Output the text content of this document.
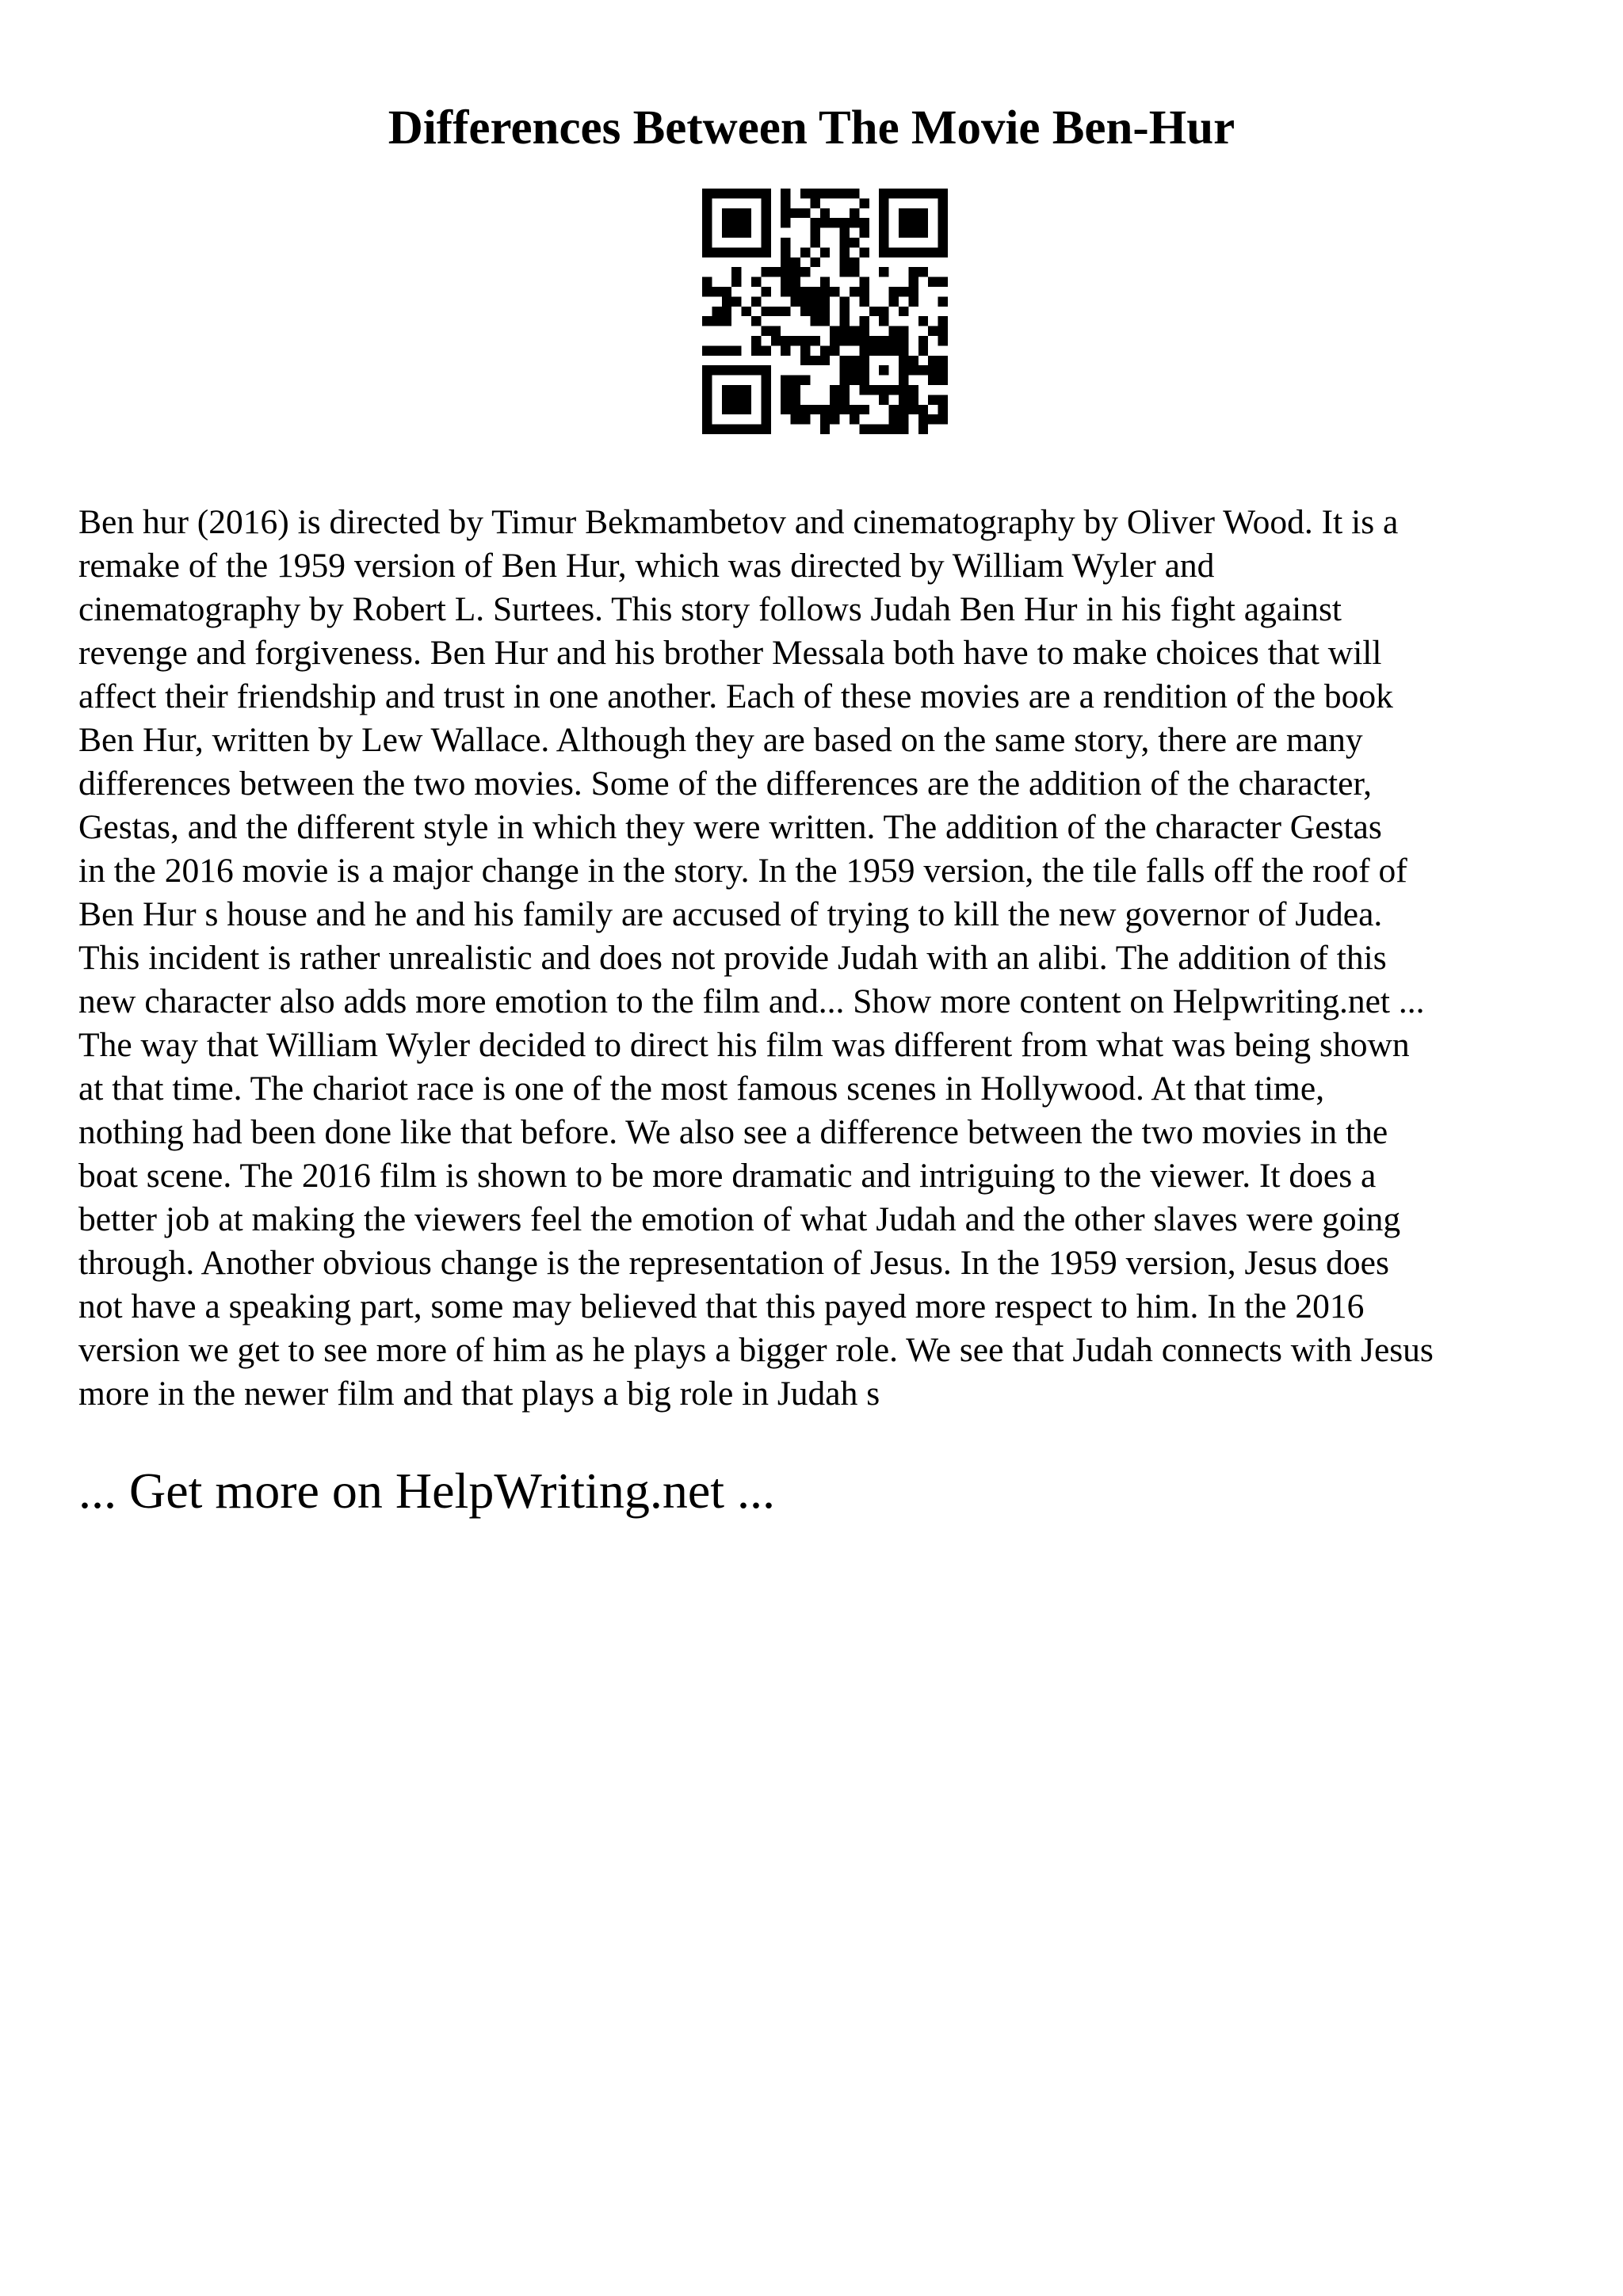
Differences Between The Movie Ben-Hur
Ben hur (2016) is directed by Timur Bekmambetov and cinematography by Oliver Wood. It is a
remake of the 1959 version of Ben Hur, which was directed by William Wyler and
cinematography by Robert L. Surtees. This story follows Judah Ben Hur in his fight against
revenge and forgiveness. Ben Hur and his brother Messala both have to make choices that will
affect their friendship and trust in one another. Each of these movies are a rendition of the book
Ben Hur, written by Lew Wallace. Although they are based on the same story, there are many
differences between the two movies. Some of the differences are the addition of the character,
Gestas, and the different style in which they were written. The addition of the character Gestas
in the 2016 movie is a major change in the story. In the 1959 version, the tile falls off the roof of
Ben Hur s house and he and his family are accused of trying to kill the new governor of Judea.
This incident is rather unrealistic and does not provide Judah with an alibi. The addition of this
new character also adds more emotion to the film and... Show more content on Helpwriting.net ...
The way that William Wyler decided to direct his film was different from what was being shown
at that time. The chariot race is one of the most famous scenes in Hollywood. At that time,
nothing had been done like that before. We also see a difference between the two movies in the
boat scene. The 2016 film is shown to be more dramatic and intriguing to the viewer. It does a
better job at making the viewers feel the emotion of what Judah and the other slaves were going
through. Another obvious change is the representation of Jesus. In the 1959 version, Jesus does
not have a speaking part, some may believed that this payed more respect to him. In the 2016
version we get to see more of him as he plays a bigger role. We see that Judah connects with Jesus
more in the newer film and that plays a big role in Judah s

... Get more on HelpWriting.net ...
